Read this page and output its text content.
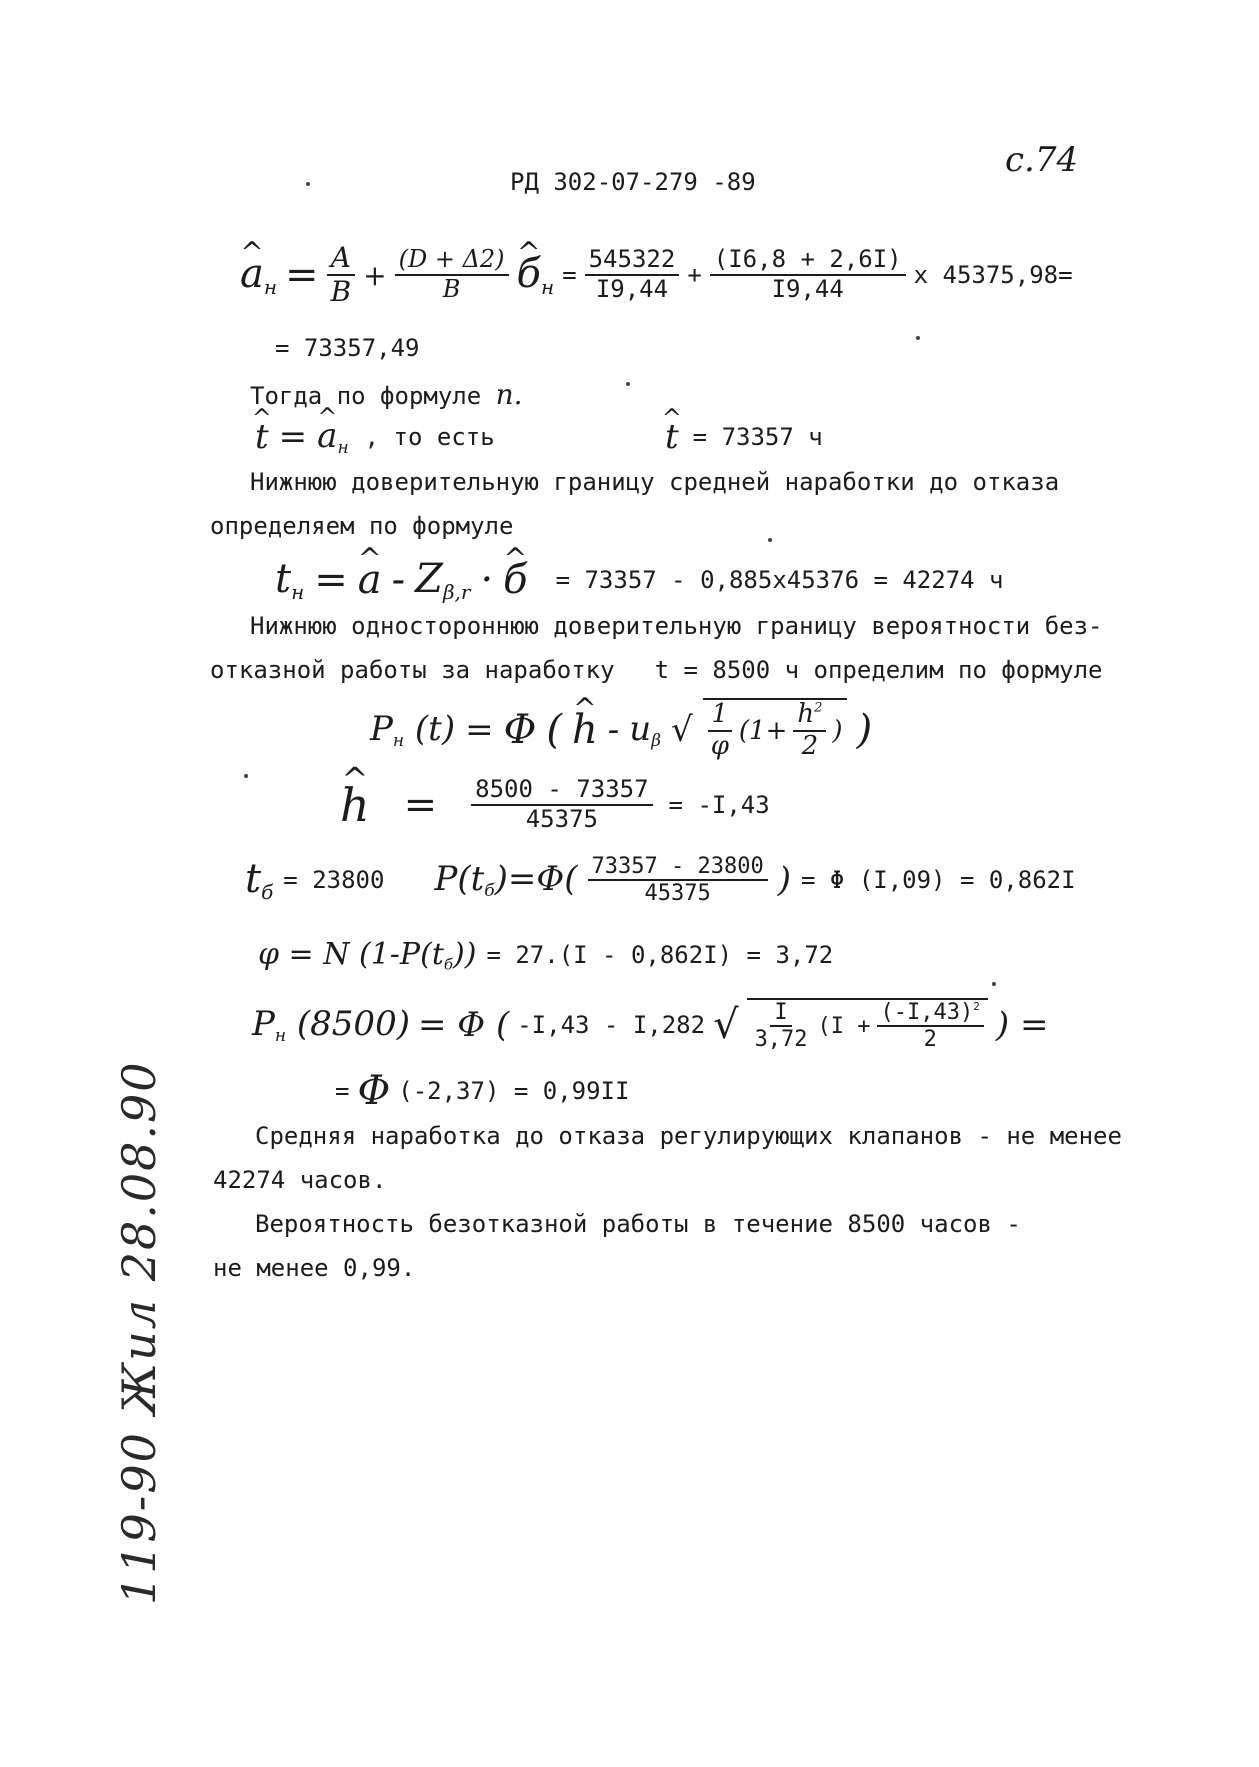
РД 302-07-279 -89
c.74
^ $a_н = \frac{A}{B} + \frac{(D + \Delta 2)}{B}$ ^ $б_н = \frac{545322}{I9,44} + \frac{(I6,8 + 2,6I)}{I9,44}$ x 45375,98=
= 73357,49
Тогда по формуле n.
^ t = ^ $a_н$ , то есть	^ t = 73357 ч
Нижнюю доверительную границу средней наработки до отказа
определяем по формуле
$t_н$ = ^ a - $Z_{\beta,r}$ · ^ б = 73357 - 0,885x45376 = 42274 ч
Нижнюю одностороннюю доверительную границу вероятности без-
отказной работы за наработку t = 8500 ч определим по формуле
$P_н$ (t) = Φ ( ^ h - $u_\beta$ √ $\frac{1}{\varphi} (1+ \frac{h^2}{2}$ ) )
^ $h = \frac{8500 - 73357}{45375} = -I,43$
$t_б = 23800$ $P(t_б)=\Phi( \frac{73357 - 23800}{45375}$ ) = Φ (I,09) = 0,862I
φ = N $(1-P(t_б)) = 27.(I - 0,862I) = 3,72$
$P_н$ (8500) = Φ ( -I,43 - I,282 √ $\frac{I}{3,72} (I + \frac{(-I,43)^2}{2}$ ) =
= Φ (-2,37) = 0,99II
Средняя наработка до отказа регулирующих клапанов - не менее
42274 часов.
Вероятность безотказной работы в течение 8500 часов -
не менее 0,99.
119-90 Жил 28.08.90
